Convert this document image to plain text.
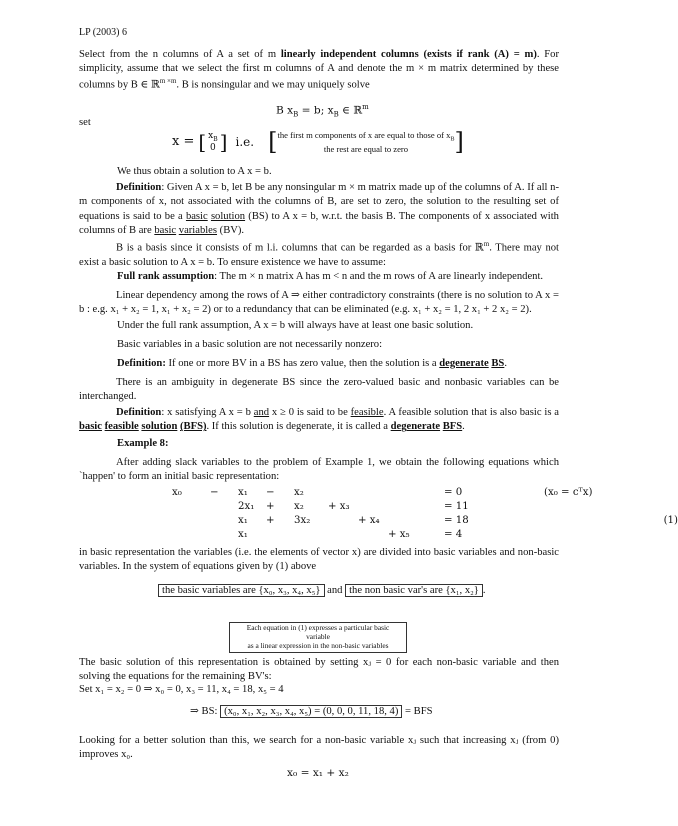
LP (2003) 6

Select from the n columns of A a set of m linearly independent columns (exists if rank (A) = m). For simplicity, assume that we select the first m columns of A and denote the m × m matrix determined by these columns by B ∈ ℝ$^{m \times m}$. B is nonsingular and we may uniquely solve

B $x_B = b$; $x_B$ ∈ ℝ$^m$
set
x = [ $x_B$
0 ] i.e. [ the first m components of x are equal to those of $x_B$
the rest are equal to zero ]

We thus obtain a solution to A x = b.

Definition: Given A x = b, let B be any nonsingular m × m matrix made up of the columns of A. If all n-m components of x, not associated with the columns of B, are set to zero, the solution to the resulting set of equations is said to be a basic solution (BS) to A x = b, w.r.t. the basis B. The components of x associated with columns of B are basic variables (BV).

B is a basis since it consists of m l.i. columns that can be regarded as a basis for ℝ$^m$. There may not exist a basic solution to A x = b. To ensure existence we have to assume:

Full rank assumption: The m × n matrix A has m < n and the m rows of A are linearly independent.

Linear dependency among the rows of A ⇒ either contradictory constraints (there is no solution to A x = b : e.g. x₁ + x₂ = 1, x₁ + x₂ = 2) or to a redundancy that can be eliminated (e.g. x₁ + x₂ = 1, 2 x₁ + 2 x₂ = 2).

Under the full rank assumption, A x = b will always have at least one basic solution.

Basic variables in a basic solution are not necessarily nonzero:

Definition: If one or more BV in a BS has zero value, then the solution is a degenerate BS.

There is an ambiguity in degenerate BS since the zero-valued basic and nonbasic variables can be interchanged.

Definition: x satisfying A x = b and x ≥ 0 is said to be feasible. A feasible solution that is also basic is a basic feasible solution (BFS). If this solution is degenerate, it is called a degenerate BFS.

Example 8:

After adding slack variables to the problem of Example 1, we obtain the following equations which `happen' to form an initial basic representation:

x₀	−	x₁	−	x₂	= 0	(x₀ = cᵀx)
2x₁	+	x₂	+ x₃	= 11
x₁	+	3x₂	+ x₄	= 18	(1)
x₁	+ x₅	= 4

in basic representation the variables (i.e. the elements of vector x) are divided into basic variables and non-basic variables. In the system of equations given by (1) above

the basic variables are {x₀, x₃, x₄, x₅} and the non basic var's are {x₁, x₂} .
Each equation in (1) expresses a particular basic variable
as a linear expression in the non-basic variables

The basic solution of this representation is obtained by setting xⱼ = 0 for each non-basic variable and then solving the equations for the remaining BV's:

Set x₁ = x₂ = 0 ⇒ x₀ = 0, x₃ = 11, x₄ = 18, x₅ = 4

⇒ BS: (x₀, x₁, x₂, x₃, x₄, x₅) = (0, 0, 0, 11, 18, 4) = BFS

Looking for a better solution than this, we search for a non-basic variable xⱼ such that increasing xⱼ (from 0) improves x₀.

x₀ = x₁ + x₂
